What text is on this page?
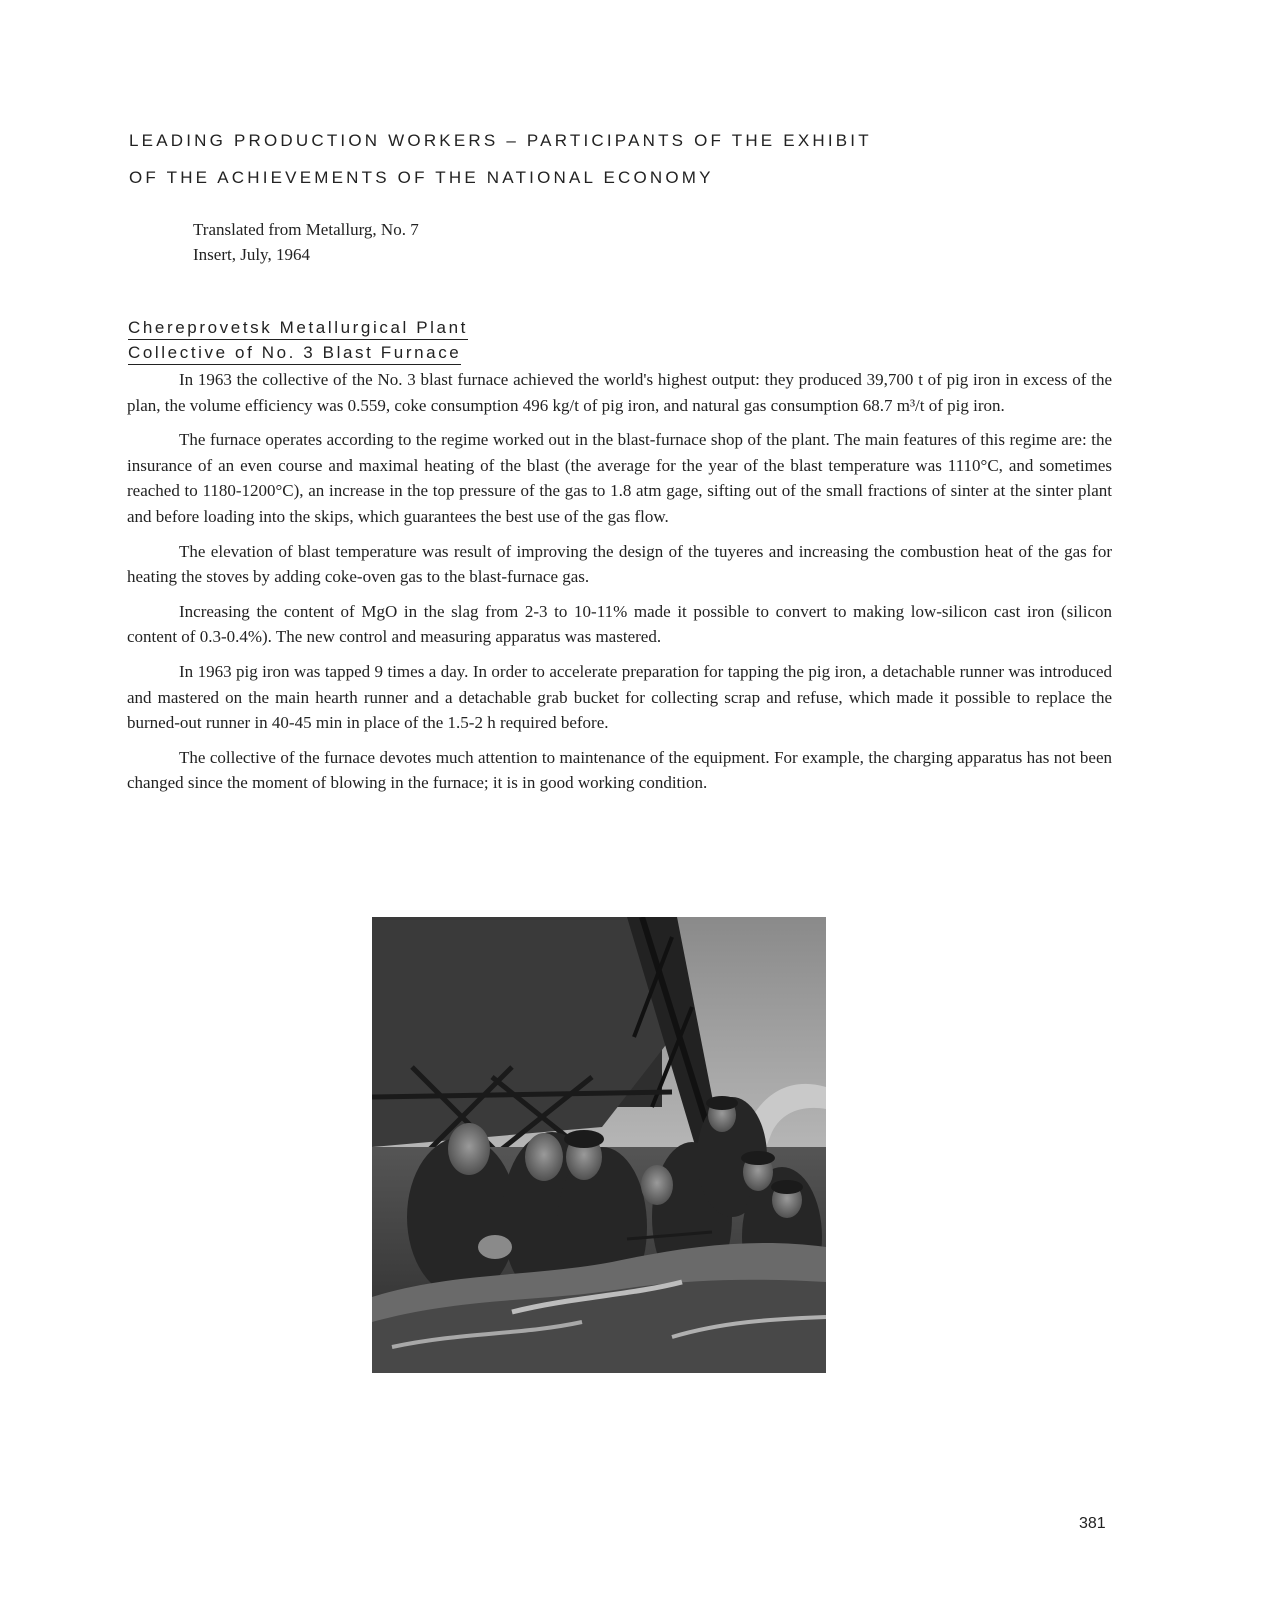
LEADING PRODUCTION WORKERS – PARTICIPANTS OF THE EXHIBIT
OF THE ACHIEVEMENTS OF THE NATIONAL ECONOMY
Translated from Metallurg, No. 7
Insert, July, 1964
Chereprovetsk Metallurgical Plant
Collective of No. 3 Blast Furnace

In 1963 the collective of the No. 3 blast furnace achieved the world's highest output: they produced 39,700 t of pig iron in excess of the plan, the volume efficiency was 0.559, coke consumption 496 kg/t of pig iron, and natural gas consumption 68.7 m³/t of pig iron.

The furnace operates according to the regime worked out in the blast-furnace shop of the plant. The main features of this regime are: the insurance of an even course and maximal heating of the blast (the average for the year of the blast temperature was 1110°C, and sometimes reached to 1180-1200°C), an increase in the top pressure of the gas to 1.8 atm gage, sifting out of the small fractions of sinter at the sinter plant and before loading into the skips, which guarantees the best use of the gas flow.

The elevation of blast temperature was result of improving the design of the tuyeres and increasing the combustion heat of the gas for heating the stoves by adding coke-oven gas to the blast-furnace gas.

Increasing the content of MgO in the slag from 2-3 to 10-11% made it possible to convert to making low-silicon cast iron (silicon content of 0.3-0.4%). The new control and measuring apparatus was mastered.

In 1963 pig iron was tapped 9 times a day. In order to accelerate preparation for tapping the pig iron, a detachable runner was introduced and mastered on the main hearth runner and a detachable grab bucket for collecting scrap and refuse, which made it possible to replace the burned-out runner in 40-45 min in place of the 1.5-2 h required before.

The collective of the furnace devotes much attention to maintenance of the equipment. For example, the charging apparatus has not been changed since the moment of blowing in the furnace; it is in good working condition.

381
